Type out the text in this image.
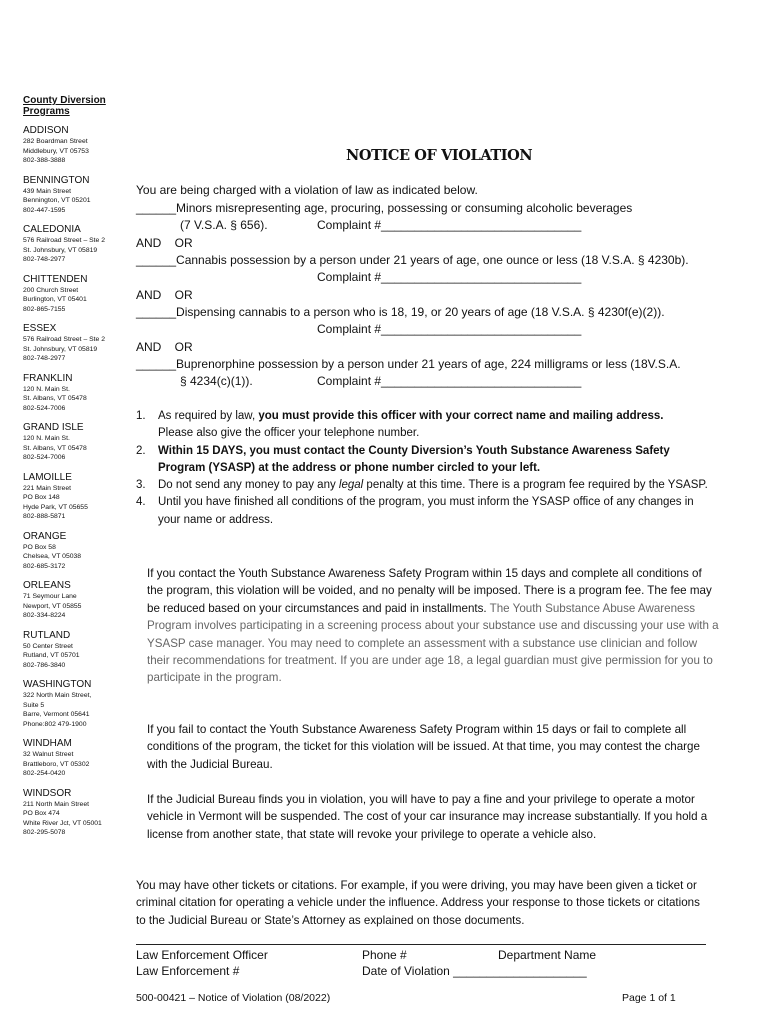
County Diversion
Programs
ADDISON
282 Boardman Street
Middlebury, VT 05753
802-388-3888
BENNINGTON
439 Main Street
Bennington, VT 05201
802-447-1595
CALEDONIA
576 Railroad Street – Ste 2
St. Johnsbury, VT 05819
802-748-2977
CHITTENDEN
200 Church Street
Burlington, VT 05401
802-865-7155
ESSEX
576 Railroad Street – Ste 2
St. Johnsbury, VT 05819
802-748-2977
FRANKLIN
120 N. Main St.
St. Albans, VT 05478
802-524-7006
GRAND ISLE
120 N. Main St.
St. Albans, VT 05478
802-524-7006
LAMOILLE
221 Main Street
PO Box 148
Hyde Park, VT 05655
802-888-5871
ORANGE
PO Box 58
Chelsea, VT 05038
802-685-3172
ORLEANS
71 Seymour Lane
Newport, VT 05855
802-334-8224
RUTLAND
50 Center Street
Rutland, VT 05701
802-786-3840
WASHINGTON
322 North Main Street,
Suite 5
Barre, Vermont 05641
Phone:802 479-1900
WINDHAM
32 Walnut Street
Brattleboro, VT 05302
802-254-0420
WINDSOR
211 North Main Street
PO Box 474
White River Jct, VT 05001
802-295-5078
NOTICE OF VIOLATION
You are being charged with a violation of law as indicated below.
______Minors misrepresenting age, procuring, possessing or consuming alcoholic beverages
(7 V.S.A. § 656).	Complaint #______________________________
AND    OR
______Cannabis possession by a person under 21 years of age, one ounce or less (18 V.S.A. § 4230b).
Complaint #______________________________
AND    OR
______Dispensing cannabis to a person who is 18, 19, or 20 years of age (18 V.S.A. § 4230f(e)(2)).
Complaint #______________________________
AND    OR
______Buprenorphine possession by a person under 21 years of age, 224 milligrams or less (18V.S.A.
§ 4234(c)(1)).	Complaint #______________________________
1. As required by law, you must provide this officer with your correct name and mailing address.
Please also give the officer your telephone number.
2. Within 15 DAYS, you must contact the County Diversion’s Youth Substance Awareness Safety Program (YSASP) at the address or phone number circled to your left.
3. Do not send any money to pay any legal penalty at this time. There is a program fee required by the YSASP.
4. Until you have finished all conditions of the program, you must inform the YSASP office of any changes in your name or address.
If you contact the Youth Substance Awareness Safety Program within 15 days and complete all conditions of the program, this violation will be voided, and no penalty will be imposed. There is a program fee. The fee may be reduced based on your circumstances and paid in installments. The Youth Substance Abuse Awareness Program involves participating in a screening process about your substance use and discussing your use with a YSASP case manager. You may need to complete an assessment with a substance use clinician and follow their recommendations for treatment. If you are under age 18, a legal guardian must give permission for you to participate in the program.
If you fail to contact the Youth Substance Awareness Safety Program within 15 days or fail to complete all conditions of the program, the ticket for this violation will be issued. At that time, you may contest the charge with the Judicial Bureau.
If the Judicial Bureau finds you in violation, you will have to pay a fine and your privilege to operate a motor vehicle in Vermont will be suspended. The cost of your car insurance may increase substantially. If you hold a license from another state, that state will revoke your privilege to operate a vehicle also.
You may have other tickets or citations. For example, if you were driving, you may have been given a ticket or criminal citation for operating a vehicle under the influence. Address your response to those tickets or citations to the Judicial Bureau or State’s Attorney as explained on those documents.
Law Enforcement Officer	Phone #	Department Name
Law Enforcement #	Date of Violation ____________________
500-00421 – Notice of Violation (08/2022)	Page 1 of 1
